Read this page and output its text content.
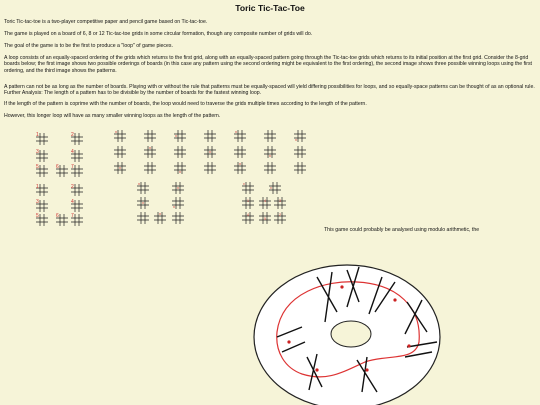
Toric Tic-Tac-Toe

Toric Tic-tac-toe is a two-player competitive paper and pencil game based on Tic-tac-toe.

The game is played on a board of 6, 8 or 12 Tic-tac-toe grids in some circular formation, though any composite number of grids will do.

The goal of the game is to be the first to produce a "loop" of game pieces.

A loop consists of an equally-spaced ordering of the grids which returns to the first grid, along with an equally-spaced pattern going through the Tic-tac-toe grids which returns to its initial position at the first grid. Consider the 8-grid boards below; the first image shows two possible orderings of boards (in this case any pattern using the second ordering might be equivalent to the first ordering), the second image shows three possible winning loops using the first ordering, and the third image shows the patterns.

A pattern can not be as long as the number of boards. Playing with or without the rule that patterns must be equally-spaced will yield differing possibilities for loops, and so equally-space patterns can be thought of as an optional rule. Further Analysis: The length of a pattern has to be divisible by the number of boards for the fastest winning loop.

If the length of the pattern is coprime with the number of boards, the loop would need to traverse the grids multiple times according to the length of the pattern.

However, this longer loop will have as many smaller winning loops as the length of the pattern.

1	2
3	4
5	6 7
1	2
3	4
5	6 7
x
x
x
x
x
x
x
x
x
x
x
x
x
x
x
x
x
1	4	3
4
5
2
This game could probably be analysed using modulo arithmetic, the
